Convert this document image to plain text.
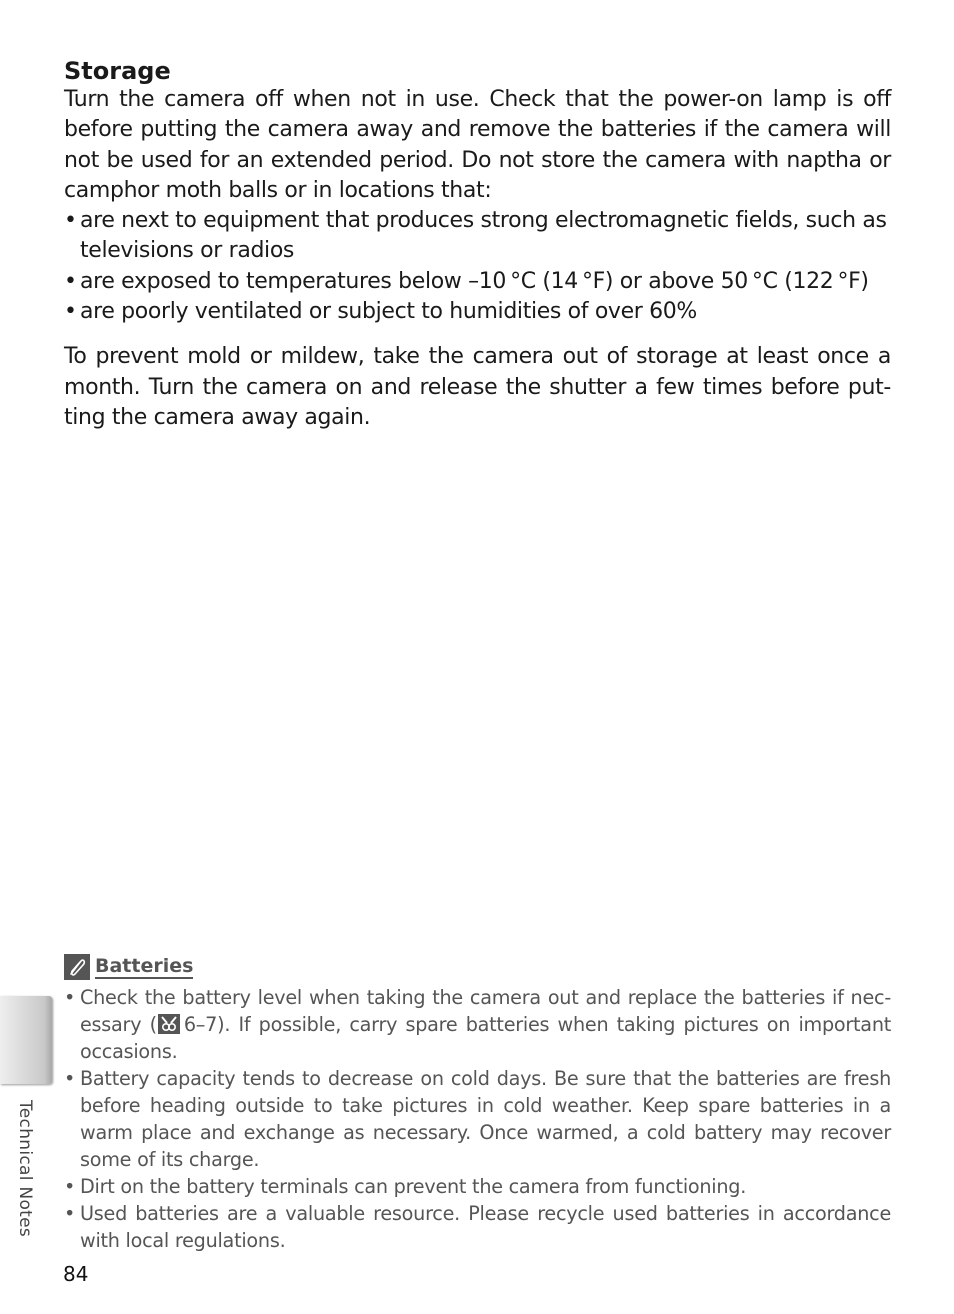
Storage

Turn the camera off when not in use. Check that the power-on lamp is off before putting the camera away and remove the batteries if the camera will not be used for an extended period. Do not store the camera with naptha or camphor moth balls or in locations that:

• are next to equipment that produces strong electromagnetic fields, such as televisions or radios
• are exposed to temperatures below –10 °C (14 °F) or above 50 °C (122 °F)
• are poorly ventilated or subject to humidities of over 60%

To prevent mold or mildew, take the camera out of storage at least once a month. Turn the camera on and release the shutter a few times before put-ting the camera away again.

Technical Notes
Batteries
• Check the battery level when taking the camera out and replace the batteries if nec-essary ( 6–7). If possible, carry spare batteries when taking pictures on important occasions.
• Battery capacity tends to decrease on cold days. Be sure that the batteries are fresh before heading outside to take pictures in cold weather. Keep spare batteries in a warm place and exchange as necessary. Once warmed, a cold battery may recover some of its charge.
• Dirt on the battery terminals can prevent the camera from functioning.
• Used batteries are a valuable resource. Please recycle used batteries in accordance with local regulations.
84
